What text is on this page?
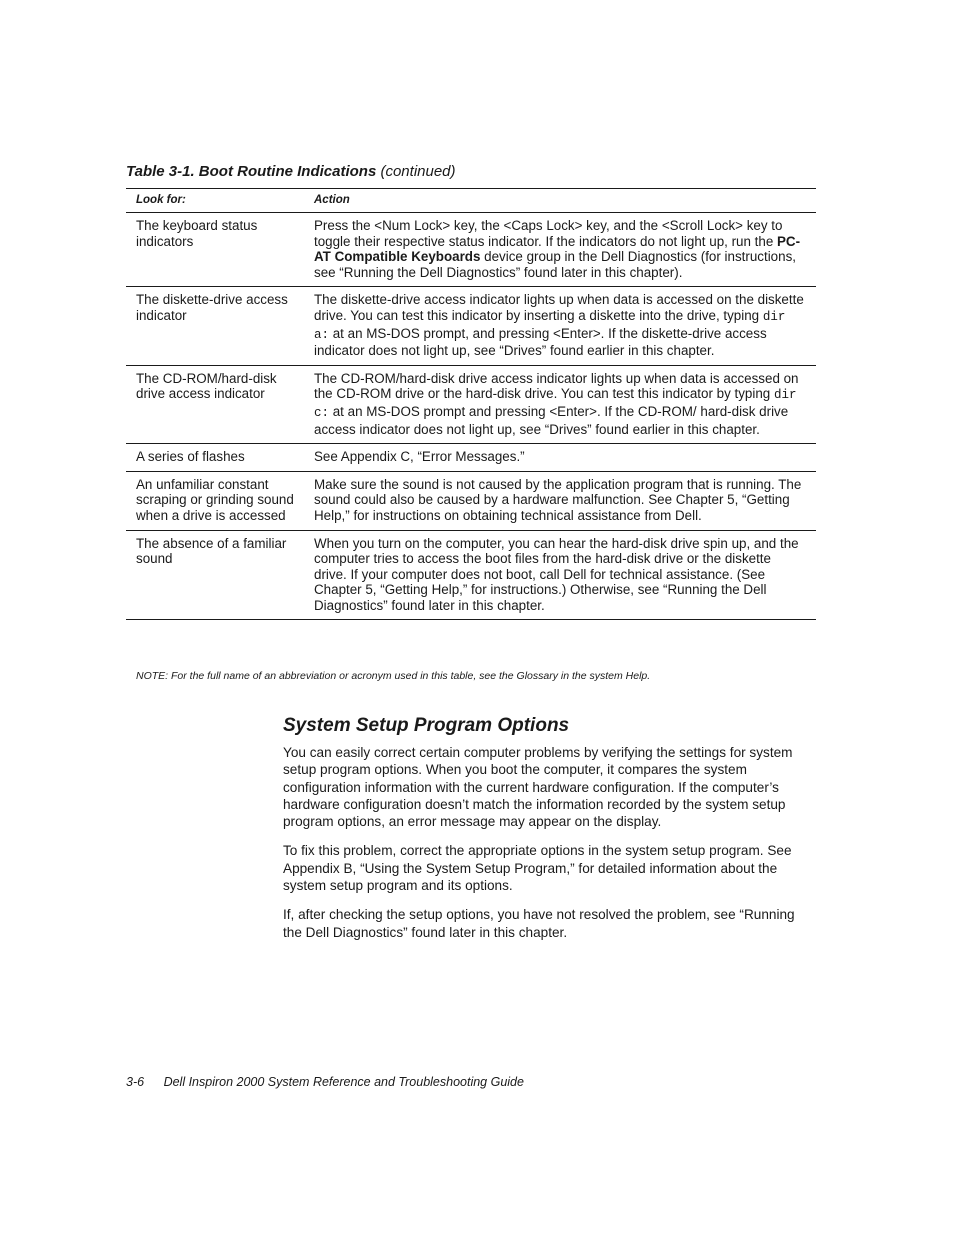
Table 3-1. Boot Routine Indications (continued)
Look for:	Action
The keyboard status indicators	Press the <Num Lock> key, the <Caps Lock> key, and the <Scroll Lock> key to toggle their respective status indicator. If the indicators do not light up, run the PC-AT Compatible Keyboards device group in the Dell Diagnostics (for instructions, see “Running the Dell Diagnostics” found later in this chapter).
The diskette-drive access indicator	The diskette-drive access indicator lights up when data is accessed on the diskette drive. You can test this indicator by inserting a diskette into the drive, typing dir a: at an MS-DOS prompt, and pressing <Enter>. If the diskette-drive access indicator does not light up, see “Drives” found earlier in this chapter.
The CD-ROM/hard-disk drive access indicator	The CD-ROM/hard-disk drive access indicator lights up when data is accessed on the CD-ROM drive or the hard-disk drive. You can test this indicator by typing dir c: at an MS-DOS prompt and pressing <Enter>. If the CD-ROM/ hard-disk drive access indicator does not light up, see “Drives” found earlier in this chapter.
A series of flashes	See Appendix C, “Error Messages.”
An unfamiliar constant scraping or grinding sound when a drive is accessed	Make sure the sound is not caused by the application program that is running. The sound could also be caused by a hardware malfunction. See Chapter 5, “Getting Help,” for instructions on obtaining technical assistance from Dell.
The absence of a familiar sound	When you turn on the computer, you can hear the hard-disk drive spin up, and the computer tries to access the boot files from the hard-disk drive or the diskette drive. If your computer does not boot, call Dell for technical assistance. (See Chapter 5, “Getting Help,” for instructions.) Otherwise, see “Running the Dell Diagnostics” found later in this chapter.
NOTE: For the full name of an abbreviation or acronym used in this table, see the Glossary in the system Help.
System Setup Program Options

You can easily correct certain computer problems by verifying the settings for system setup program options. When you boot the computer, it compares the system configuration information with the current hardware configuration. If the computer’s hardware configuration doesn’t match the information recorded by the system setup program options, an error message may appear on the display.

To fix this problem, correct the appropriate options in the system setup program. See Appendix B, “Using the System Setup Program,” for detailed information about the system setup program and its options.

If, after checking the setup options, you have not resolved the problem, see “Running the Dell Diagnostics” found later in this chapter.

3-6 Dell Inspiron 2000 System Reference and Troubleshooting Guide
